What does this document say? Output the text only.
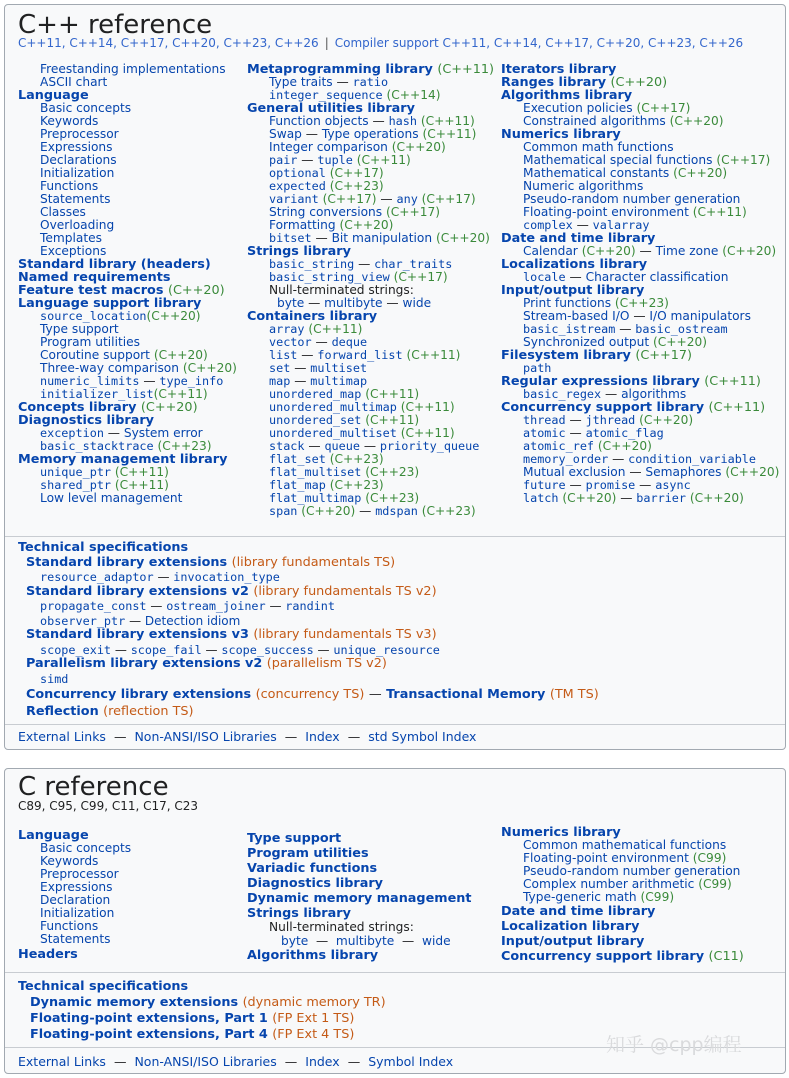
C++ reference
C++11, C++14, C++17, C++20, C++23, C++26 | Compiler support C++11, C++14, C++17, C++20, C++23, C++26
Freestanding implementations
ASCII chart
Language
Basic concepts
Keywords
Preprocessor
Expressions
Declarations
Initialization
Functions
Statements
Classes
Overloading
Templates
Exceptions
Standard library (headers)
Named requirements
Feature test macros (C++20)
Language support library
source_location(C++20)
Type support
Program utilities
Coroutine support (C++20)
Three-way comparison (C++20)
numeric_limits — type_info
initializer_list(C++11)
Concepts library (C++20)
Diagnostics library
exception — System error
basic_stacktrace (C++23)
Memory management library
unique_ptr (C++11)
shared_ptr (C++11)
Low level management
Metaprogramming library (C++11)
Type traits — ratio
integer_sequence (C++14)
General utilities library
Function objects — hash (C++11)
Swap — Type operations (C++11)
Integer comparison (C++20)
pair — tuple (C++11)
optional (C++17)
expected (C++23)
variant (C++17) — any (C++17)
String conversions (C++17)
Formatting (C++20)
bitset — Bit manipulation (C++20)
Strings library
basic_string — char_traits
basic_string_view (C++17)
Null-terminated strings:
byte — multibyte — wide
Containers library
array (C++11)
vector — deque
list — forward_list (C++11)
set — multiset
map — multimap
unordered_map (C++11)
unordered_multimap (C++11)
unordered_set (C++11)
unordered_multiset (C++11)
stack — queue — priority_queue
flat_set (C++23)
flat_multiset (C++23)
flat_map (C++23)
flat_multimap (C++23)
span (C++20) — mdspan (C++23)
Iterators library
Ranges library (C++20)
Algorithms library
Execution policies (C++17)
Constrained algorithms (C++20)
Numerics library
Common math functions
Mathematical special functions (C++17)
Mathematical constants (C++20)
Numeric algorithms
Pseudo-random number generation
Floating-point environment (C++11)
complex — valarray
Date and time library
Calendar (C++20) — Time zone (C++20)
Localizations library
locale — Character classification
Input/output library
Print functions (C++23)
Stream-based I/O — I/O manipulators
basic_istream — basic_ostream
Synchronized output (C++20)
Filesystem library (C++17)
path
Regular expressions library (C++11)
basic_regex — algorithms
Concurrency support library (C++11)
thread — jthread (C++20)
atomic — atomic_flag
atomic_ref (C++20)
memory_order — condition_variable
Mutual exclusion — Semaphores (C++20)
future — promise — async
latch (C++20) — barrier (C++20)
Technical specifications
Standard library extensions (library fundamentals TS)
resource_adaptor — invocation_type
Standard library extensions v2 (library fundamentals TS v2)
propagate_const — ostream_joiner — randint
observer_ptr — Detection idiom
Standard library extensions v3 (library fundamentals TS v3)
scope_exit — scope_fail — scope_success — unique_resource
Parallelism library extensions v2 (parallelism TS v2)
simd
Concurrency library extensions (concurrency TS) — Transactional Memory (TM TS)
Reflection (reflection TS)
External Links — Non-ANSI/ISO Libraries — Index — std Symbol Index
C reference
C89, C95, C99, C11, C17, C23
Language
Basic concepts
Keywords
Preprocessor
Expressions
Declaration
Initialization
Functions
Statements
Headers
Type support
Program utilities
Variadic functions
Diagnostics library
Dynamic memory management
Strings library
Null-terminated strings:
byte — multibyte — wide
Algorithms library
Numerics library
Common mathematical functions
Floating-point environment (C99)
Pseudo-random number generation
Complex number arithmetic (C99)
Type-generic math (C99)
Date and time library
Localization library
Input/output library
Concurrency support library (C11)
Technical specifications
Dynamic memory extensions (dynamic memory TR)
Floating-point extensions, Part 1 (FP Ext 1 TS)
Floating-point extensions, Part 4 (FP Ext 4 TS)
External Links — Non-ANSI/ISO Libraries — Index — Symbol Index
知乎 @cpp编程
